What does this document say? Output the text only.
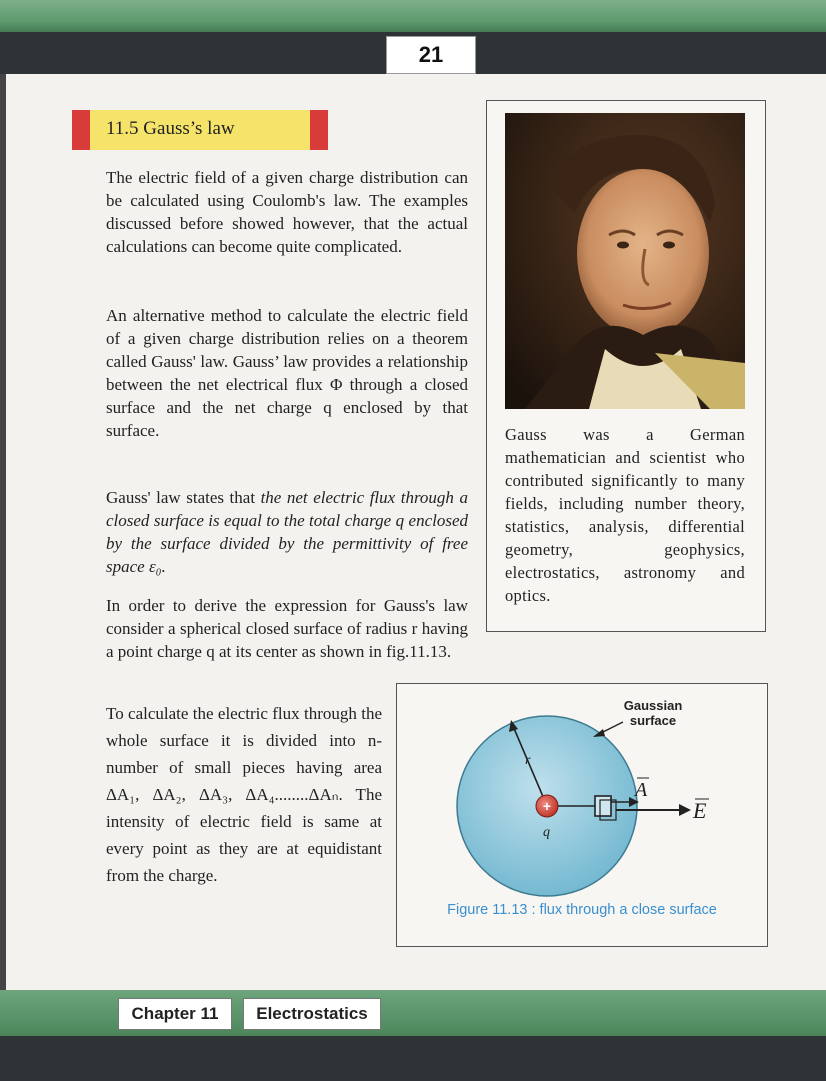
21
11.5 Gauss’s law
The electric field of a given charge distribution can be calculated using Coulomb's law. The examples discussed before showed however, that the actual calculations can become quite complicated.
An alternative method to calculate the electric field of a given charge distribution relies on a theorem called Gauss' law. Gauss’ law provides a relationship between the net electrical flux Φ through a closed surface and the net charge q enclosed by that surface.
Gauss' law states that the net electric flux through a closed surface is equal to the total charge q enclosed by the surface divided by the permittivity of free space ε₀.
In order to derive the expression for Gauss's law consider a spherical closed surface of radius r having a point charge q at its center as shown in fig.11.13.
Gauss was a German mathematician and scientist who contributed significantly to many fields, including number theory, statistics, analysis, differential geometry, geophysics, electrostatics, astronomy and optics.
To calculate the electric flux through the whole surface it is divided into n-number of small pieces having area ΔA₁, ΔA₂, ΔA₃, ΔA₄........ΔAₙ. The intensity of electric field is same at every point as they are at equidistant from the charge.
+
Gaussian surface
r
q
A
E
Figure 11.13 : flux through a close surface
Chapter 11	Electrostatics
